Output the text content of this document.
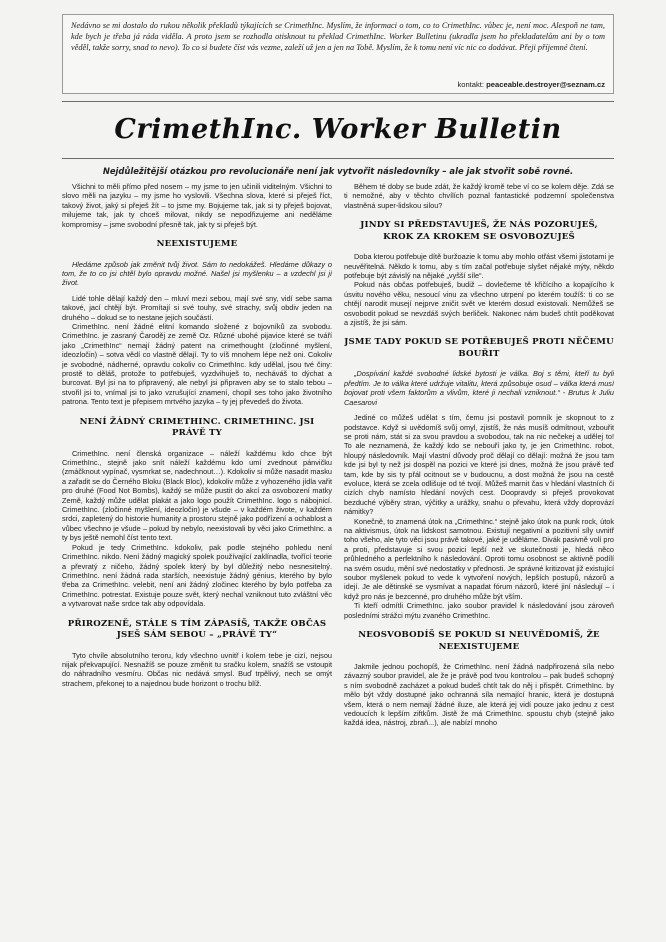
Nedávno se mi dostalo do rukou několik překladů týkajících se CrimethInc. Myslím, že informaci o tom, co to CrimethInc. vůbec je, není moc. Alespoň ne tam, kde bych je třeba já ráda viděla. A proto jsem se rozhodla otisknout tu překlad CrimethInc. Worker Bulletinu (ukradla jsem ho překladatelům ani by o tom věděl, takže sorry, snad to nevo). To co si budete číst vás vezme, zaleží už jen a jen na Tobě. Myslím, že k tomu není víc nic co dodávat. Přeji příjemné čtení.

kontakt: peaceable.destroyer@seznam.cz
CrimethInc. Worker Bulletin
Nejdůležitější otázkou pro revolucionáře není jak vytvořit následovníky – ale jak stvořit sobě rovné.

Všichni to měli přímo před nosem – my jsme to jen učinili viditelným. Všichni to slovo měli na jazyku – my jsme ho vyslovili. Všechna slova, které si přeješ říct, takový život, jaký si přeješ žít – to jsme my. Bojujeme tak, jak si ty přeješ bojovat, milujeme tak, jak ty chceš milovat, nikdy se nepodřizujeme ani neděláme kompromisy – jsme svobodní přesně tak, jak ty si přeješ být.

NEEXISTUJEME

Hledáme způsob jak změnit tvůj život. Sám to nedokážeš. Hledáme důkazy o tom, že to co jsi chtěl bylo opravdu možné. Našel jsi myšlenku – a vzdechl jsi jí život.

Lidé tohle dělají každý den – mluví mezi sebou, mají své sny, vidí sebe sama takové, jací chtějí být. Promítají si své touhy, své strachy, svůj obdiv jeden na druhého – dokud se to nestane jejich součástí.

CrimethInc. není žádné elitní komando složené z bojovníků za svobodu. CrimethInc. je zasraný Čaroděj ze země Oz. Různé ubohé pijavice které se tváří jako „CrimethInc“ nemají žádný patent na crimethought (zločinné myšlení, ideozločin) – sotva vědí co vlastně dělají. Ty to víš mnohem lépe než oni. Cokoliv je svobodné, nádherné, opravdu cokoliv co CrimethInc. kdy udělal, jsou tvé činy: prostě to děláš, protože to potřebuješ, vyzdvihuješ to, necháváš to dýchat a burcovat. Byl jsi na to připravený, ale nebyl jsi připraven aby se to stalo tebou – stvořil jsi to, vnímal jsi to jako vzrušující znamení, chopil ses toho jako životního patrona. Tento text je přepisem mrtvého jazyka – ty jej převedeš do života.

NENÍ ŽÁDNÝ CRIMETHINC. CRIMETHINC. JSI PRÁVĚ TY

CrimethInc. není členská organizace – náleží každému kdo chce být CrimethInc., stejně jako snít náleží každému kdo umí zvednout pánvičku (zmáčknout vypínač, vysmrkat se, nadechnout…). Kdokoliv si může nasadit masku a zařadit se do Černého Bloku (Black Bloc), kdokoliv může z vyhozeného jídla vařit pro druhé (Food Not Bombs), každý se může pustit do akcí za osvobození matky Země, každý může udělat plakát a jako logo použít CrimethInc. logo s nábojnicí. CrimethInc. (zločinné myšlení, ideozločin) je všude – v každém živote, v každém srdci, zapletený do historie humanity a prostoru stejně jako podřízení a ochablost a vůbec všechno je všude – pokud by nebylo, neexistovali by věci jako CrimethInc. a ty bys ještě nemohl číst tento text.

Pokud je tedy CrimethInc. kdokoliv, pak podle stejného pohledu není CrimethInc. nikdo. Není žádný magický spolek používající zaklínadla, tvořící teorie a převratý z ničeho, žádný spolek který by byl důležitý nebo nesnesitelný. CrimethInc. není žádná rada starších, neexistuje žádný génius, kterého by bylo třeba za CrimethInc. velebit, není ani žádný zločinec kterého by bylo potřeba za CrimethInc. potrestat. Existuje pouze svět, který nechal vzniknout tuto zvláštní věc a vytvarovat naše srdce tak aby odpovídala.

PŘIROZENĚ, STÁLE S TÍM ZÁPASÍŠ, TAKŽE OBČAS JSEŠ SÁM SEBOU – „PRÁVĚ TY“

Tyto chvíle absolutního teroru, kdy všechno uvnitř i kolem tebe je cizí, nejsou nijak překvapující. Nesnažíš se pouze změnit tu sračku kolem, snažíš se vstoupit do náhradního vesmíru. Občas nic nedává smysl. Buď trpělivý, nech se omýt strachem, překonej to a najednou bude horizont o trochu blíž.

Během té doby se bude zdát, že každý kromě tebe ví co se kolem děje. Zdá se ti nemožné, aby v těchto chvílích poznal fantastické podzemní společenstva vlastněná super-lidskou silou?

JINDY SI PŘEDSTAVUJEŠ, ŽE NÁS POZORUJEŠ, KROK ZA KROKEM SE OSVOBOZUJEŠ

Doba kterou potřebuje dítě buržoazie k tomu aby mohlo otřást všemi jistotami je neuvěřitelná. Někdo k tomu, aby s tím začal potřebuje slyšet nějaké mýty, někdo potřebuje být závislý na nějaké „vyšší síle“.

Pokud nás občas potřebuješ, budiž – dovlečeme tě křičícího a kopajícího k úsvitu nového věku, nesoucí vinu za všechno utrpení po kterém toužíš: ti co se chtějí narodit musejí nejprve zničit svět ve kterém dosud existovali. Nemůžeš se osvobodit pokud se nevzdáš svých berliček. Nakonec nám budeš chtít poděkovat a zjistíš, že jsi sám.

JSME TADY POKUD SE POTŘEBUJEŠ PROTI NĚČEMU BOUŘIT

„Dospívání každé svobodné lidské bytosti je válka. Boj s těmi, kteří tu byli předtím. Je to válka které udržuje vitalitu, která způsobuje osud – válka která musí bojovat proti všem faktorům a vlivům, které ji nechali vzniknout.“ - Brutus k Juliu Caesarovi

Jediné co můžeš udělat s tím, čemu jsi postavil pomník je skopnout to z podstavce. Když si uvědomíš svůj omyl, zjistíš, že nás musíš odmítnout, vzbouřit se proti nám, stát si za svou pravdou a svobodou, tak na nic nečekej a udělej to! To ale neznamená, že každý kdo se nebouří jako ty, je jen CrimethInc. robot, hloupý následovník. Mají vlastní důvody proč dělají co dělají: možná že jsou tam kde jsi byl ty než jsi dospěl na pozici ve které jsi dnes, možná že jsou právě teď tam, kde by sis ty přál ocitnout se v budoucnu, a dost možná že jsou na cestě evoluce, která se zcela odlišuje od té tvojí. Můžeš marnit čas v hledání vlastních či cizích chyb namísto hledání nových cest. Doopravdy si přeješ provokovat bezduché výběry stran, výčitky a urážky, snahu o převahu, která vždy doprovází námitky?

Konečně, to znamená útok na „CrimethInc.“ stejně jako útok na punk rock, útok na aktivismus, útok na lidskost samotnou. Existují negativní a pozitivní síly uvnitř toho všeho, ale tyto věci jsou právě takové, jaké je uděláme. Divák pasivně volí pro a proti, představuje si svou pozici lepší než ve skutečnosti je, hledá něco průhledného a perfektního k následování. Oproti tomu osobnost se aktivně podílí na svém osudu, mění své nedostatky v přednosti. Je správné kritizovat již existující soubor myšlenek pokud to vede k vytvoření nových, lepších postupů, názorů a idejí. Je ale dětinské se vysmívat a napadat fórum názorů, které jiní následují – i když pro nás je bezcenné, pro druhého může být vším.

Ti kteří odmítli CrimethInc. jako soubor pravidel k následování jsou zároveň posledními strážci mýtu zvaného CrimethInc.

NEOSVOBODÍŠ SE POKUD SI NEUVĚDOMÍŠ, ŽE NEEXISTUJEME

Jakmile jednou pochopíš, že CrimethInc. není žádná nadpřirozená síla nebo závazný soubor pravidel, ale že je právě pod tvou kontrolou – pak budeš schopný s ním svobodně zacházet a pokud budeš chtít tak do něj i přispět. CrimethInc. by mělo být vždy dostupné jako ochranná síla nemající hranic, která je dostupná všem, která o nem nemají žádné iluze, ale která jej vidí pouze jako jednu z cest vedoucích k lepším ziftkům. Jistě že má CrimethInc. spoustu chyb (stejně jako každá idea, nástroj, zbraň...), ale nabízí mnoho
